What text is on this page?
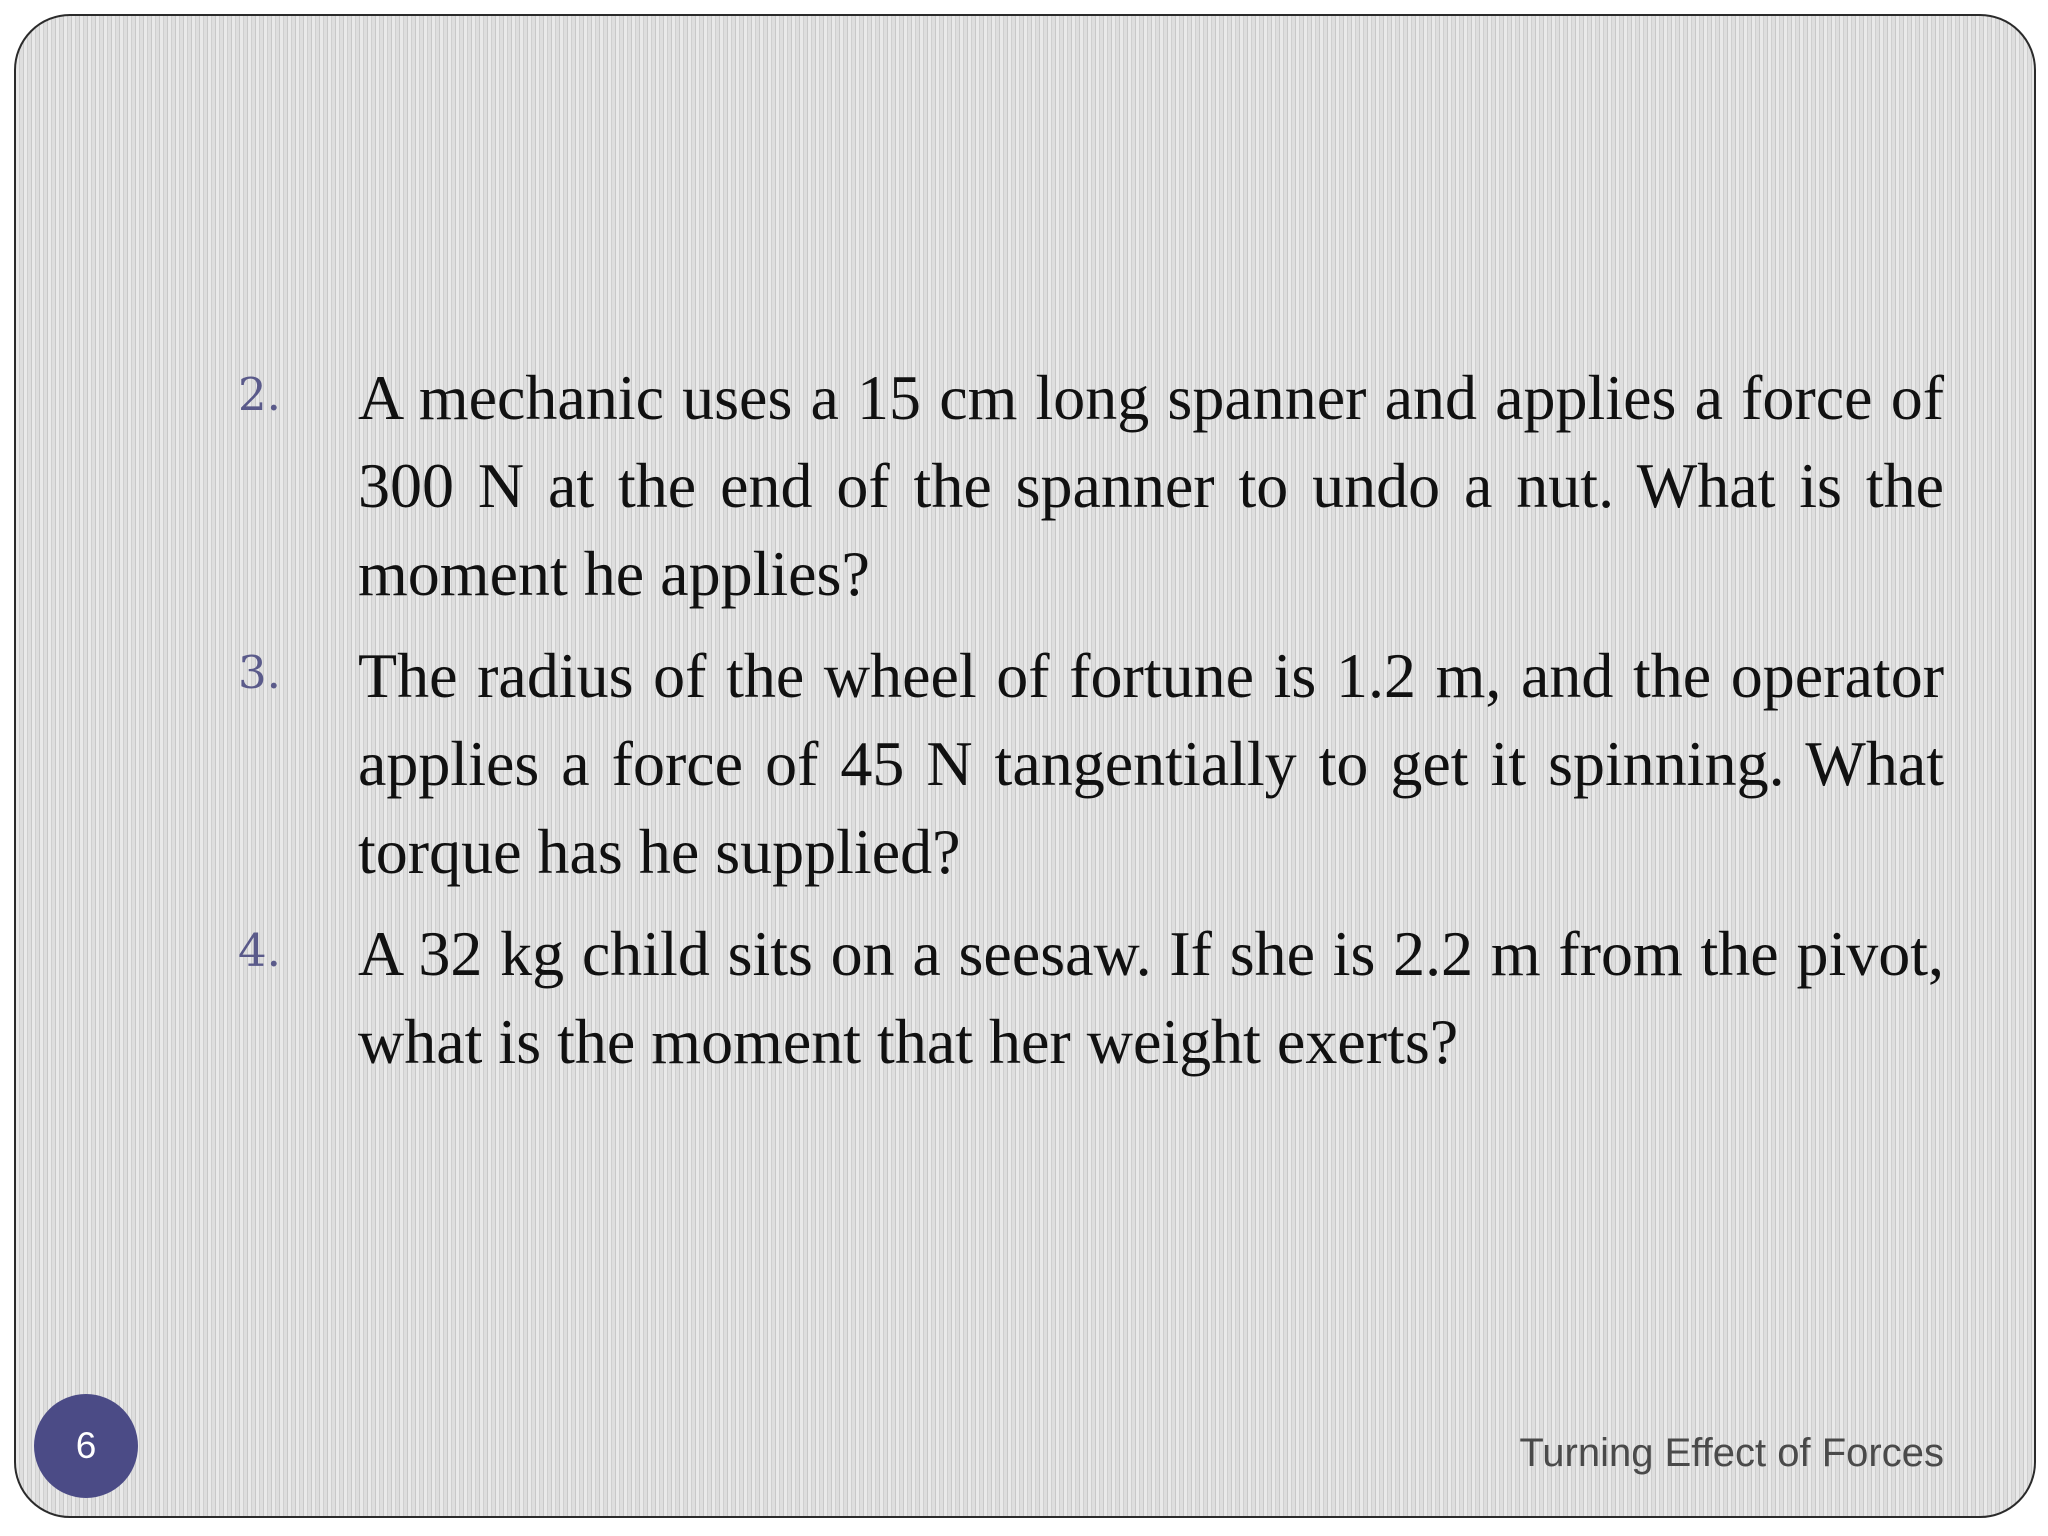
2. A mechanic uses a 15 cm long spanner and applies a force of 300 N at the end of the spanner to undo a nut. What is the moment he applies?
3. The radius of the wheel of fortune is 1.2 m, and the operator applies a force of 45 N tangentially to get it spinning. What torque has he supplied?
4. A 32 kg child sits on a seesaw. If she is 2.2 m from the pivot, what is the moment that her weight exerts?
6	Turning Effect of Forces
